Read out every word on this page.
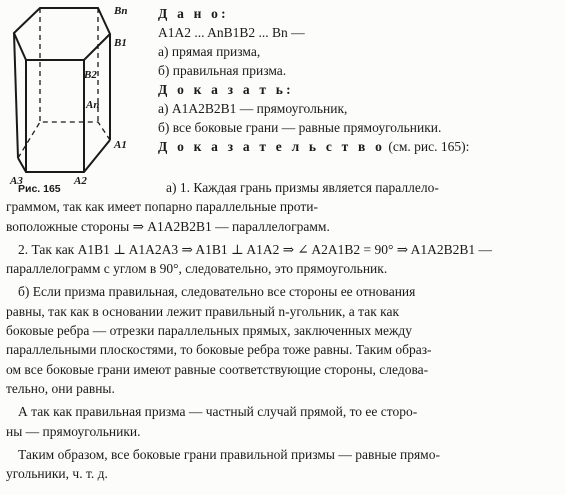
Bn
B1
B2
An
A1
A3	A2
Рис. 165
Д а н о:
A1A2 ... AnB1B2 ... Bn —
а) прямая призма,
б) правильная призма.
Д о к а з а т ь:
а) A1A2B2B1 — прямоугольник,
б) все боковые грани — равные прямоугольники.
Д о к а з а т е л ь с т в о (см. рис. 165):

а) 1. Каждая грань призмы является параллело-

граммом, так как имеет попарно параллельные проти-

воположные стороны ⇒ A1A2B2B1 — параллелограмм.

2. Так как A1B1 ⊥ A1A2A3 ⇒ A1B1 ⊥ A1A2 ⇒ ∠ A2A1B2 = 90° ⇒ A1A2B2B1 —

параллелограмм с углом в 90°, следовательно, это прямоугольник.

б) Если призма правильная, следовательно все стороны ее отнования

равны, так как в основании лежит правильный n-угольник, а так как

боковые ребра — отрезки параллельных прямых, заключенных между

параллельными плоскостями, то боковые ребра тоже равны. Таким образ-

ом все боковые грани имеют равные соответствующие стороны, следова-

тельно, они равны.

А так как правильная призма — частный случай прямой, то ее сторо-

ны — прямоугольники.

Таким образом, все боковые грани правильной призмы — равные прямо-

угольники, ч. т. д.
